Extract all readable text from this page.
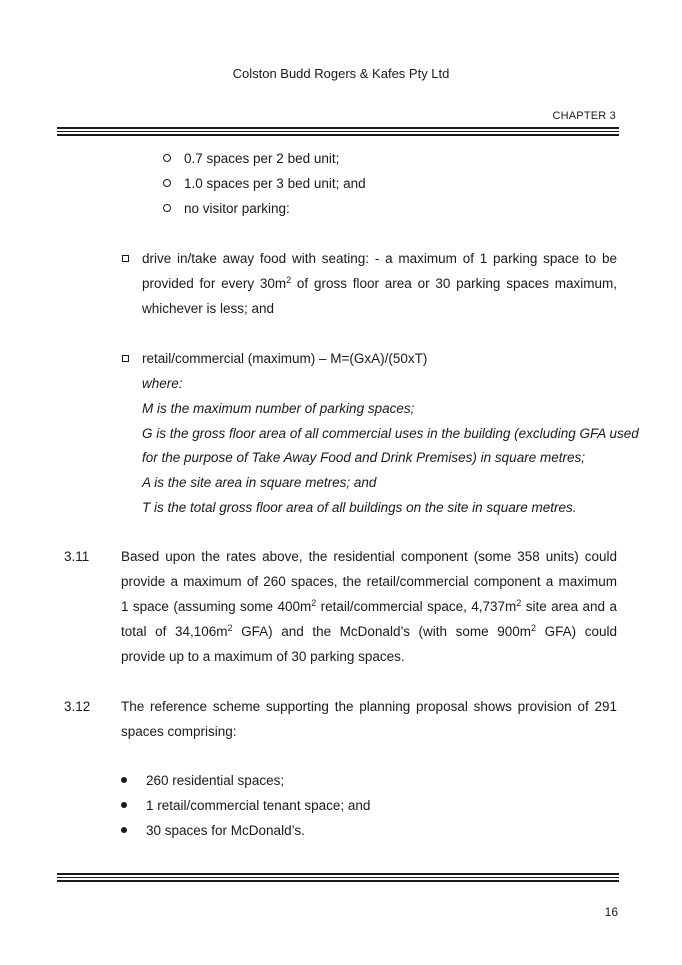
Colston Budd Rogers & Kafes Pty Ltd
CHAPTER 3
0.7 spaces per 2 bed unit;
1.0 spaces per 3 bed unit; and
no visitor parking:
drive in/take away food with seating: - a maximum of 1 parking space to be
provided for every $30m^2$ of gross floor area or 30 parking spaces maximum,
whichever is less; and
retail/commercial (maximum) – M=(GxA)/(50xT)
where:
M is the maximum number of parking spaces;
G is the gross floor area of all commercial uses in the building (excluding GFA used
for the purpose of Take Away Food and Drink Premises) in square metres;
A is the site area in square metres; and
T is the total gross floor area of all buildings on the site in square metres.
3.11 Based upon the rates above, the residential component (some 358 units) could
provide a maximum of 260 spaces, the retail/commercial component a maximum
1 space (assuming some $400m^2$ retail/commercial space, $4,737m^2$ site area and a
total of $34,106m^2$ GFA) and the McDonald’s (with some $900m^2$ GFA) could
provide up to a maximum of 30 parking spaces.
3.12 The reference scheme supporting the planning proposal shows provision of 291
spaces comprising:
260 residential spaces;
1 retail/commercial tenant space; and
30 spaces for McDonald’s.
16
